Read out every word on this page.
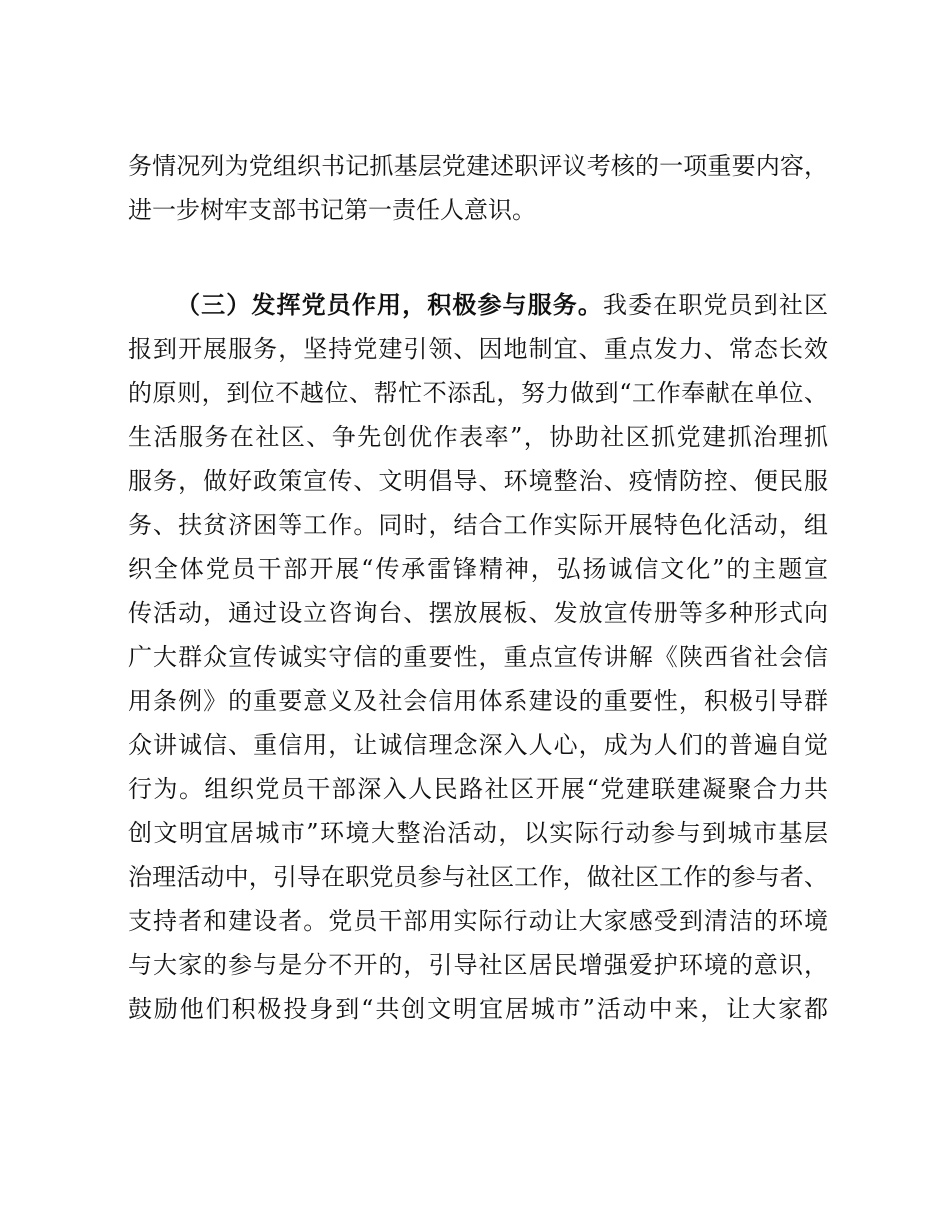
务情况列为党组织书记抓基层党建述职评议考核的一项重要内容，
进一步树牢支部书记第一责任人意识。
（三）发挥党员作用，积极参与服务。我委在职党员到社区
报到开展服务，坚持党建引领、因地制宜、重点发力、常态长效
的原则，到位不越位、帮忙不添乱，努力做到“工作奉献在单位、
生活服务在社区、争先创优作表率”，协助社区抓党建抓治理抓
服务，做好政策宣传、文明倡导、环境整治、疫情防控、便民服
务、扶贫济困等工作。同时，结合工作实际开展特色化活动，组
织全体党员干部开展“传承雷锋精神，弘扬诚信文化”的主题宣
传活动，通过设立咨询台、摆放展板、发放宣传册等多种形式向
广大群众宣传诚实守信的重要性，重点宣传讲解《陕西省社会信
用条例》的重要意义及社会信用体系建设的重要性，积极引导群
众讲诚信、重信用，让诚信理念深入人心，成为人们的普遍自觉
行为。组织党员干部深入人民路社区开展“党建联建凝聚合力共
创文明宜居城市”环境大整治活动，以实际行动参与到城市基层
治理活动中，引导在职党员参与社区工作，做社区工作的参与者、
支持者和建设者。党员干部用实际行动让大家感受到清洁的环境
与大家的参与是分不开的，引导社区居民增强爱护环境的意识，
鼓励他们积极投身到“共创文明宜居城市”活动中来，让大家都
